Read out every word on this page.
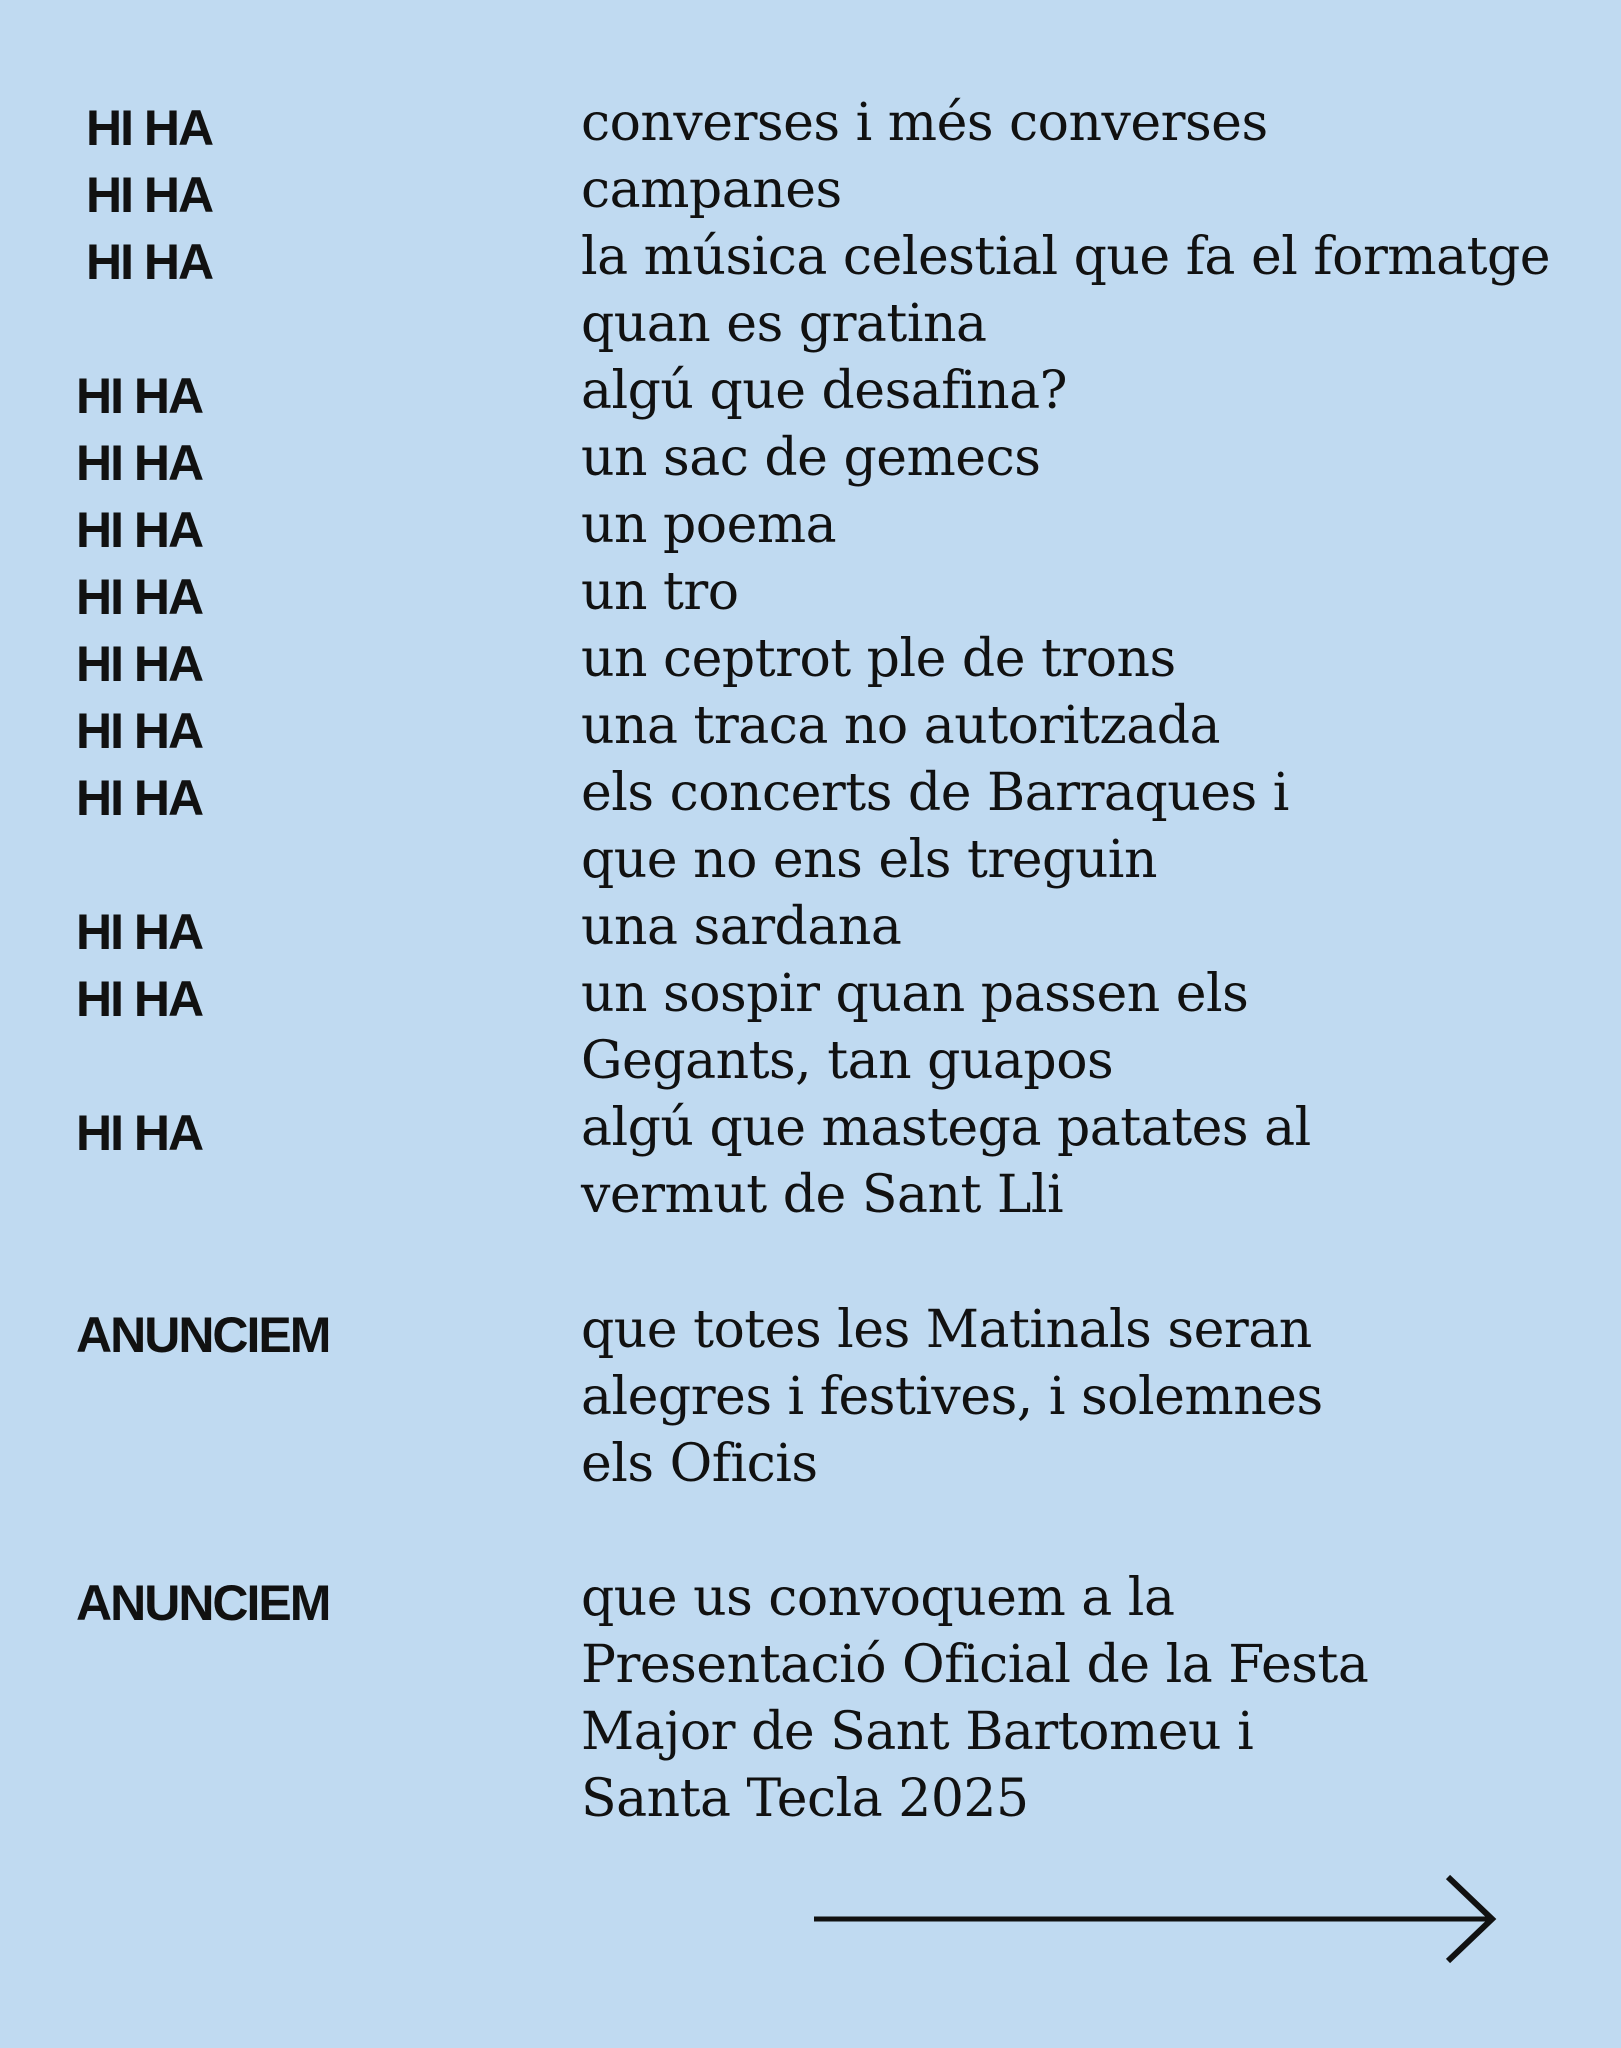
HI HA	converses i més converses
HI HA	campanes
HI HA	la música celestial que fa el formatge
quan es gratina
HI HA	algú que desafina?
HI HA	un sac de gemecs
HI HA	un poema
HI HA	un tro
HI HA	un ceptrot ple de trons
HI HA	una traca no autoritzada
HI HA	els concerts de Barraques i
que no ens els treguin
HI HA	una sardana
HI HA	un sospir quan passen els
Gegants, tan guapos
HI HA	algú que mastega patates al
vermut de Sant Lli
ANUNCIEM	que totes les Matinals seran
alegres i festives, i solemnes
els Oficis
ANUNCIEM	que us convoquem a la
Presentació Oficial de la Festa
Major de Sant Bartomeu i
Santa Tecla 2025
